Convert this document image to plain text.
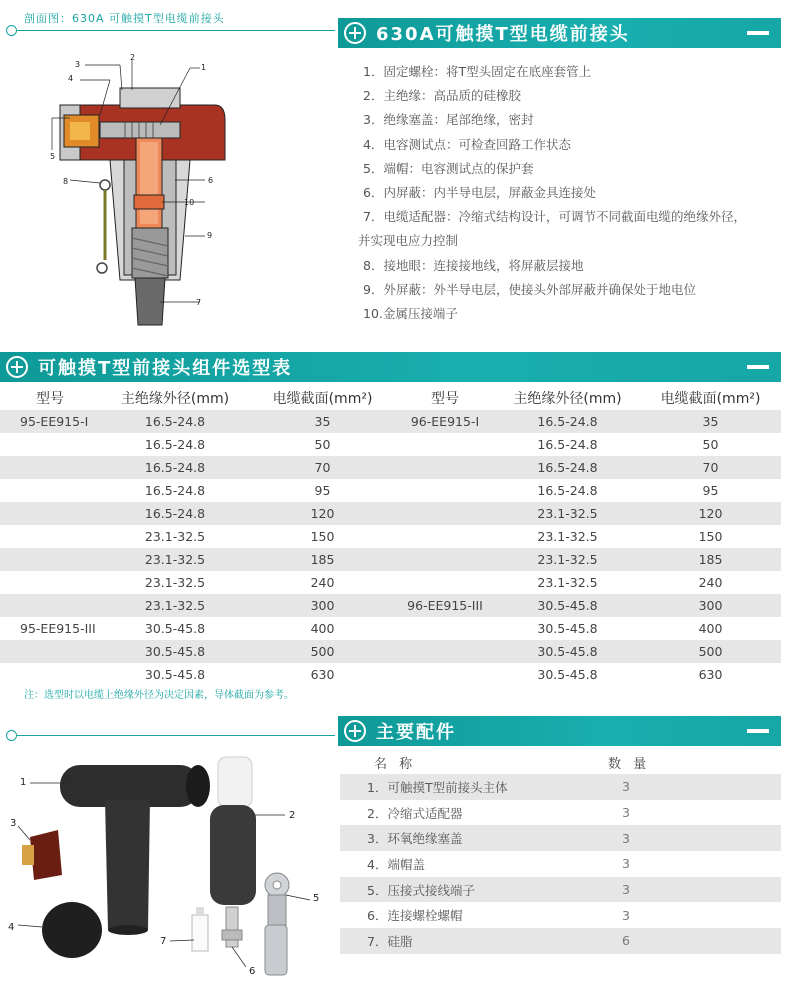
剖面图：630A 可触摸T型电缆前接头
1
2
3
4
5
8	6
10
9
7
630A可触摸T型电缆前接头
1．固定螺栓：将T型头固定在底座套管上
2．主绝缘：高品质的硅橡胶
3．绝缘塞盖：尾部绝缘，密封
4．电容测试点：可检查回路工作状态
5．端帽：电容测试点的保护套
6．内屏蔽：内半导电层，屏蔽金具连接处
7．电缆适配器：冷缩式结构设计，可调节不同截面电缆的绝缘外径，
并实现电应力控制
8．接地眼：连接接地线，将屏蔽层接地
9．外屏蔽：外半导电层，使接头外部屏蔽并确保处于地电位
10.金属压接端子
可触摸T型前接头组件选型表
型号	主绝缘外径(mm)	电缆截面(mm²)	型号	主绝缘外径(mm)	电缆截面(mm²)
95-EE915-I	16.5-24.8	35	96-EE915-I	16.5-24.8	35
	16.5-24.8	50		16.5-24.8	50
	16.5-24.8	70		16.5-24.8	70
	16.5-24.8	95		16.5-24.8	95
	16.5-24.8	120		23.1-32.5	120
	23.1-32.5	150		23.1-32.5	150
	23.1-32.5	185		23.1-32.5	185
	23.1-32.5	240		23.1-32.5	240
	23.1-32.5	300	96-EE915-III	30.5-45.8	300
95-EE915-III	30.5-45.8	400		30.5-45.8	400
	30.5-45.8	500		30.5-45.8	500
	30.5-45.8	630		30.5-45.8	630
注：选型时以电缆上绝缘外径为决定因素，导体截面为参考。
主要配件
名 称	数 量
1．可触摸T型前接头主体	3
2．冷缩式适配器	3
3．环氧绝缘塞盖	3
4．端帽盖	3
5．压接式接线端子	3
6．连接螺栓螺帽	3
7．硅脂	6
1
2
3
4
5
6
7
